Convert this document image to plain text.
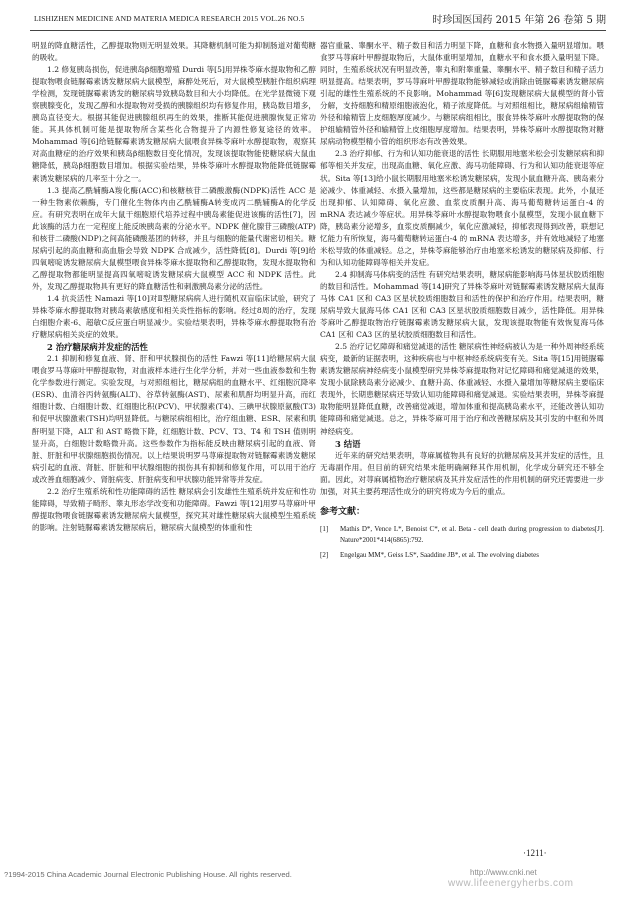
LISHIZHEN MEDICINE AND MATERIA MEDICA RESEARCH 2015 VOL.26 NO.5	时珍国医国药 2015 年第 26 卷第 5 期

明显的降血糖活性，乙醇提取物则无明显效果。其降糖机制可能为抑制肠道对葡萄糖的吸收。

1.2 修复胰岛损伤，促进胰岛β细胞增殖 Durdi 等[5]用异株苓麻水提取物和乙醇提取物喂食链脲霉素诱发糖尿病大鼠模型，麻醉处死后，对大鼠模型胰脏作组织病理学检测，发现链脲霉素诱发的糖尿病导致胰岛数目和大小均降低。在光学显微镜下观察胰腺变化，发现乙醇和水提取物对受损的胰腺组织均有修复作用，胰岛数目增多，胰岛直径变大。根据其能促进胰腺组织再生的效果，推断其能促进胰腺恢复正常功能。其具体机制可能是提取物所含某些化合物提升了内源性修复途径的效率。Mohammad 等[6]给链脲霉素诱发糖尿病大鼠喂食异株苓麻叶水醇提取物，观察其对高血糖症的治疗效果和胰岛β细胞数目变化情况，发现该提取物能使糖尿病大鼠血糖降低，胰岛β细胞数目增加。根据实验结果，异株苓麻叶水醇提取物能降低链脲霉素诱发糖尿病的几率至十分之一。

1.3 提高乙酰辅酶A羧化酶(ACC)和核糖核苷二磷酸激酶(NDPK)活性 ACC 是一种生物素依赖酶，专门催化生物体内由乙酰辅酶A转变成丙二酰辅酶A的化学反应。有研究表明在成年大鼠干细胞原代培养过程中胰岛素能促进该酶的活性[7]，因此该酶的活力在一定程度上能反映胰岛素的分泌水平。NDPK 催化腺苷三磷酸(ATP)和核苷二磷酸(NDP)之间高能磷酸基团的转移，并且与细胞的能量代谢密切相关。糖尿病引起的高血糖和高血脂会导致 NDPK 合成减少，活性降低[8]。Durdi 等[9]给四氧嘧啶诱发糖尿病大鼠模型喂食异株苓麻水提取物和乙醇提取物，发现水提取物和乙醇提取物都能明显提高四氧嘧啶诱发糖尿病大鼠模型 ACC 和 NDPK 活性。此外，发现乙醇提取物具有更好的降血糖活性和刺激胰岛素分泌的活性。

1.4 抗炎活性 Namazi 等[10]对Ⅱ型糖尿病病人进行随机双盲临床试验，研究了异株苓麻水醇提取物对胰岛素敏感度和相关炎性指标的影响。经过8周的治疗，发现白细胞介素-6、超敏C反应蛋白明显减少。实验结果表明，异株苓麻水醇提取物有治疗糖尿病相关炎症的效果。

2 治疗糖尿病并发症的活性

2.1 抑制和修复血液、肾、肝和甲状腺损伤的活性 Fawzi 等[11]给糖尿病大鼠喂食罗马荨麻叶甲醇提取物，对血液样本进行生化学分析，并对一些血液参数和生物化学参数进行测定。实验发现，与对照组相比，糖尿病组的血糖水平、红细胞沉降率(ESR)、血清谷丙转氨酶(ALT)、谷草转氨酶(AST)、尿素和肌酐均明显升高，而红细胞计数、白细胞计数、红细胞比积(PCV)、甲状腺素(T4)、三碘甲状腺原氨酸(T3)和促甲状腺激素(TSH)均明显降低。与糖尿病组相比，治疗组血糖、ESR、尿素和肌酐明显下降，ALT 和 AST 略微下降，红细胞计数、PCV、T3、T4 和 TSH 值则明显升高，白细胞计数略微升高。这些参数作为指标能反映由糖尿病引起的血液、肾脏、肝脏和甲状腺细胞损伤情况。以上结果说明罗马荨麻提取物对链脲霉素诱发糖尿病引起的血液、肾脏、肝脏和甲状腺细胞的损伤具有抑制和修复作用，可以用于治疗或改善血细胞减少、肾脏病变、肝脏病变和甲状腺功能异常等并发症。

2.2 治疗生殖系统和性功能障碍的活性 糖尿病会引发雄性生殖系统并发症和性功能障碍，导致精子畸形、睾丸形态学改变和功能障碍。Fawzi 等[12]用罗马荨麻叶甲醇提取物喂食链脲霉素诱发糖尿病大鼠模型，探究其对雄性糖尿病大鼠模型生殖系统的影响。注射链脲霉素诱发糖尿病后，糖尿病大鼠模型的体重和性

器官重量、睾酮水平、精子数目和活力明显下降，血糖和食水物摄入量明显增加。喂食罗马荨麻叶甲醇提取物后，大鼠体重明显增加，血糖水平和食水摄入量明显下降。同时，生殖系统状况有明显改善，睾丸和附睾重量、睾酮水平、精子数目和精子活力明显提高。结果表明，罗马荨麻叶甲醇提取物能够减轻或消除由链脲霉素诱发糖尿病引起的雄性生殖系统的不良影响。Mohammad 等[6]发现糖尿病大鼠模型的肾小管分解，支持细胞和精原细胞液泡化，精子浓度降低。与对照组相比，糖尿病组输精管外径和输精管上皮细胞厚度减少。与糖尿病组相比，服食异株苓麻叶水醇提取物的保护组输精管外径和输精管上皮细胞厚度增加。结果表明，异株苓麻叶水醇提取物对糖尿病动物模型精小管的组织形态有改善效果。

2.3 治疗抑郁、行为和认知功能衰退的活性 长期服用地塞米松会引发糖尿病和抑郁等相关并发症，出现高血糖、氧化应激、海马功能障碍、行为和认知功能衰退等症状。Sita 等[13]给小鼠长期服用地塞米松诱发糖尿病，发现小鼠血糖升高、胰岛素分泌减少、体重减轻、水摄入量增加，这些都是糖尿病的主要临床表现。此外，小鼠还出现抑郁、认知障碍、氧化应激、血浆皮质酮升高、海马葡萄糖转运蛋白-4 的 mRNA 表达减少等症状。用异株苓麻叶水醇提取物喂食小鼠模型，发现小鼠血糖下降，胰岛素分泌增多，血浆皮质酮减少，氧化应激减轻，抑郁表现得到改善，联想记忆能力有所恢复，海马葡萄糖转运蛋白-4 的 mRNA 表达增多，并有效地减轻了地塞米松导致的体重减轻。总之，异株苓麻能够治疗由地塞米松诱发的糖尿病及抑郁、行为和认知功能障碍等相关并发症。

2.4 抑制海马体病变的活性 有研究结果表明，糖尿病能影响海马体星状胶质细胞的数目和活性。Mohammad 等[14]研究了异株苓麻叶对链脲霉素诱发糖尿病大鼠海马体 CA1 区和 CA3 区星状胶质细胞数目和活性的保护和治疗作用。结果表明，糖尿病导致大鼠海马体 CA1 区和 CA3 区星状胶质细胞数目减少，活性降低。用异株苓麻叶乙醇提取物治疗链脲霉素诱发糖尿病大鼠，发现该提取物能有效恢复海马体 CA1 区和 CA3 区的星状胶质细胞数目和活性。

2.5 治疗记忆障碍和痛觉减退的活性 糖尿病性神经病被认为是一种外周神经系统病变，最新的证据表明，这种疾病也与中枢神经系统病变有关。Sita 等[15]用链脲霉素诱发糖尿病神经病变小鼠模型研究异株苓麻提取物对记忆障碍和痛觉减退的效果，发现小鼠除胰岛素分泌减少、血糖升高、体重减轻、水摄入量增加等糖尿病主要临床表现外，长期患糖尿病还导致认知功能障碍和痛觉减退。实验结果表明，异株苓麻提取物能明显降低血糖，改善痛觉减退，增加体重和提高胰岛素水平，还能改善认知功能障碍和痛觉减退。总之，异株苓麻可用于治疗和改善糖尿病及其引发的中枢和外周神经病变。

3 结语

近年来的研究结果表明，荨麻属植物具有良好的抗糖尿病及其并发症的活性，且无毒副作用。但目前的研究结果未能明确阐释其作用机制，化学成分研究还不够全面。因此，对荨麻属植物治疗糖尿病及其并发症活性的作用机制的研究还需要进一步加强，对其主要药理活性成分的研究将成为今后的重点。

参考文献：
[1]	Mathis D*, Vence L*, Benoist C*, et al. Beta - cell death during progression to diabetes[J]. Nature*2001*414(6865):792.
[2]	Engelgau MM*, Geiss LS*, Saaddine JB*, et al. The evolving diabetes
·1211·
?1994-2015 China Academic Journal Electronic Publishing House. All rights reserved.	http://www.cnki.net
www.lifeenergyherbs.com
